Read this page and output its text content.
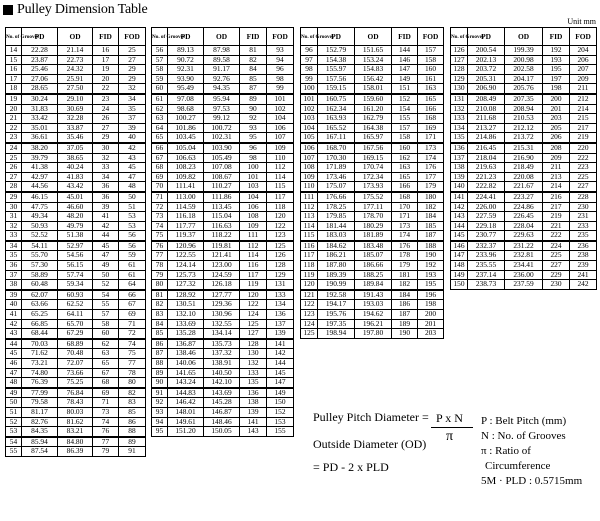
Pulley Dimension Table
Unit mm
No. of Grooves	PD	OD	FID	FOD
14	22.28	21.14	16	25
15	23.87	22.73	17	27
16	25.46	24.32	19	29
17	27.06	25.91	20	29
18	28.65	27.50	22	32
19	30.24	29.10	23	34
20	31.83	30.69	24	35
21	33.42	32.28	26	37
22	35.01	33.87	27	39
23	36.61	35.46	29	40
24	38.20	37.05	30	42
25	39.79	38.65	32	43
26	41.38	40.24	33	45
27	42.97	41.83	34	47
28	44.56	43.42	36	48
29	46.15	45.01	36	50
30	47.75	46.60	39	51
31	49.34	48.20	41	53
32	50.93	49.79	42	53
33	52.52	51.38	44	56
34	54.11	52.97	45	56
35	55.70	54.56	47	59
36	57.30	56.15	49	61
37	58.89	57.74	50	61
38	60.48	59.34	52	64
39	62.07	60.93	54	66
40	63.66	62.52	55	67
41	65.25	64.11	57	69
42	66.85	65.70	58	71
43	68.44	67.29	60	72
44	70.03	68.89	62	74
45	71.62	70.48	63	75
46	73.21	72.07	65	77
47	74.80	73.66	67	78
48	76.39	75.25	68	80
49	77.99	76.84	69	82
50	79.58	78.43	71	83
51	81.17	80.03	73	85
52	82.76	81.62	74	86
53	84.35	83.21	76	88
54	85.94	84.80	77	89
55	87.54	86.39	79	91
No. of Grooves	PD	OD	FID	FOD
56	89.13	87.98	81	93
57	90.72	89.58	82	94
58	92.31	91.17	84	96
59	93.90	92.76	85	98
60	95.49	94.35	87	99
61	97.08	95.94	89	101
62	98.68	97.53	90	102
63	100.27	99.12	92	104
64	101.86	100.72	93	106
65	103.45	102.31	95	107
66	105.04	103.90	96	109
67	106.63	105.49	98	110
68	108.23	107.08	100	112
69	109.82	108.67	101	114
70	111.41	110.27	103	115
71	113.00	111.86	104	117
72	114.59	113.45	106	118
73	116.18	115.04	108	120
74	117.77	116.63	109	122
75	119.37	118.22	111	123
76	120.96	119.81	112	125
77	122.55	121.41	114	126
78	124.14	123.00	116	128
79	125.73	124.59	117	129
80	127.32	126.18	119	131
81	128.92	127.77	120	133
82	130.51	129.36	122	134
83	132.10	130.96	124	136
84	133.69	132.55	125	137
85	135.28	134.14	127	139
86	136.87	135.73	128	141
87	138.46	137.32	130	142
88	140.06	138.91	132	144
89	141.65	140.50	133	145
90	143.24	142.10	135	147
91	144.83	143.69	136	149
92	146.42	145.28	138	150
93	148.01	146.87	139	152
94	149.61	148.46	141	153
95	151.20	150.05	143	155
No. of Grooves	PD	OD	FID	FOD
96	152.79	151.65	144	157
97	154.38	153.24	146	158
98	155.97	154.83	147	160
99	157.56	156.42	149	161
100	159.15	158.01	151	163
101	160.75	159.60	152	165
102	162.34	161.20	154	166
103	163.93	162.79	155	168
104	165.52	164.38	157	169
105	167.11	165.97	158	171
106	168.70	167.56	160	173
107	170.30	169.15	162	174
108	171.89	170.74	163	176
109	173.46	172.34	165	177
110	175.07	173.93	166	179
111	176.66	175.52	168	180
112	178.25	177.11	170	182
113	179.85	178.70	171	184
114	181.44	180.29	173	185
115	183.03	181.89	174	187
116	184.62	183.48	176	188
117	186.21	185.07	178	190
118	187.80	186.66	179	192
119	189.39	188.25	181	193
120	190.99	189.84	182	195
121	192.58	191.43	184	196
122	194.17	193.03	186	198
123	195.76	194.62	187	200
124	197.35	196.21	189	201
125	198.94	197.80	190	203
No. of Grooves	PD	OD	FID	FOD
126	200.54	199.39	192	204
127	202.13	200.98	193	206
128	203.72	202.58	195	207
129	205.31	204.17	197	209
130	206.90	205.76	198	211
131	208.49	207.35	200	212
132	210.08	208.94	201	214
133	211.68	210.53	203	215
134	213.27	212.12	205	217
135	214.86	213.72	206	219
136	216.45	215.31	208	220
137	218.04	216.90	209	222
138	219.63	218.49	211	223
139	221.23	220.08	213	225
140	222.82	221.67	214	227
141	224.41	223.27	216	228
142	226.00	224.86	217	230
143	227.59	226.45	219	231
144	229.18	228.04	221	233
145	230.77	229.63	222	235
146	232.37	231.22	224	236
147	233.96	232.81	225	238
148	235.55	234.41	227	239
149	237.14	236.00	229	241
150	238.73	237.59	230	242
Pulley Pitch Diameter = P x N
π
Outside Diameter (OD)
= PD - 2 x PLD
P : Belt Pitch (mm)
N : No. of Grooves
π : Ratio of
Circumference
5M · PLD : 0.5715mm
